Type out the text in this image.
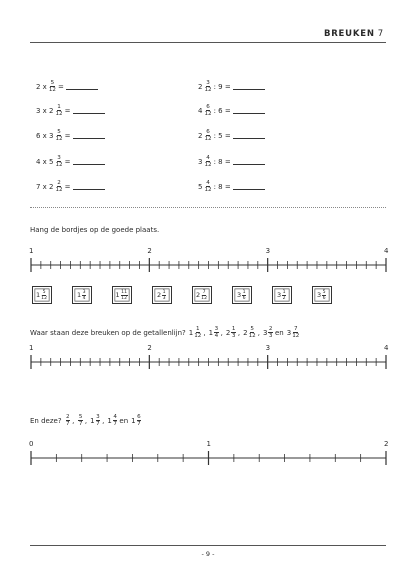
BREUKEN 7
2 x $\frac{5}{12}$ =
3 x $2 \frac{1}{12}$ =
6 x $3 \frac{5}{12}$ =
4 x $5 \frac{3}{12}$ =
7 x $2 \frac{2}{12}$ =
$2 \frac{3}{12}$ : 9 =
$4 \frac{6}{12}$ : 6 =
$2 \frac{6}{12}$ : 5 =
$3 \frac{4}{12}$ : 8 =
$5 \frac{4}{12}$ : 8 =
Hang de bordjes op de goede plaats.
1	2	3	4
$1 \frac{5}{12}$	$1 \frac{3}{4}$	$1 \frac{11}{12}$	$2 \frac{1}{3}$	$2 \frac{7}{12}$	$3 \frac{1}{6}$	$3 \frac{1}{2}$	$3 \frac{5}{6}$
Waar staan deze breuken op de getallenlijn? $1 \frac{1}{12}$ , $1 \frac{3}{4}$ , $2 \frac{1}{3}$ , $2 \frac{5}{12}$ , $3 \frac{2}{3}$ en $3 \frac{7}{12}$
1	2	3	4
En deze? $\frac{2}{7}$ , $\frac{5}{7}$ , $1 \frac{3}{7}$ , $1 \frac{4}{7}$ en $1 \frac{6}{7}$
0	1	2
- 9 -
